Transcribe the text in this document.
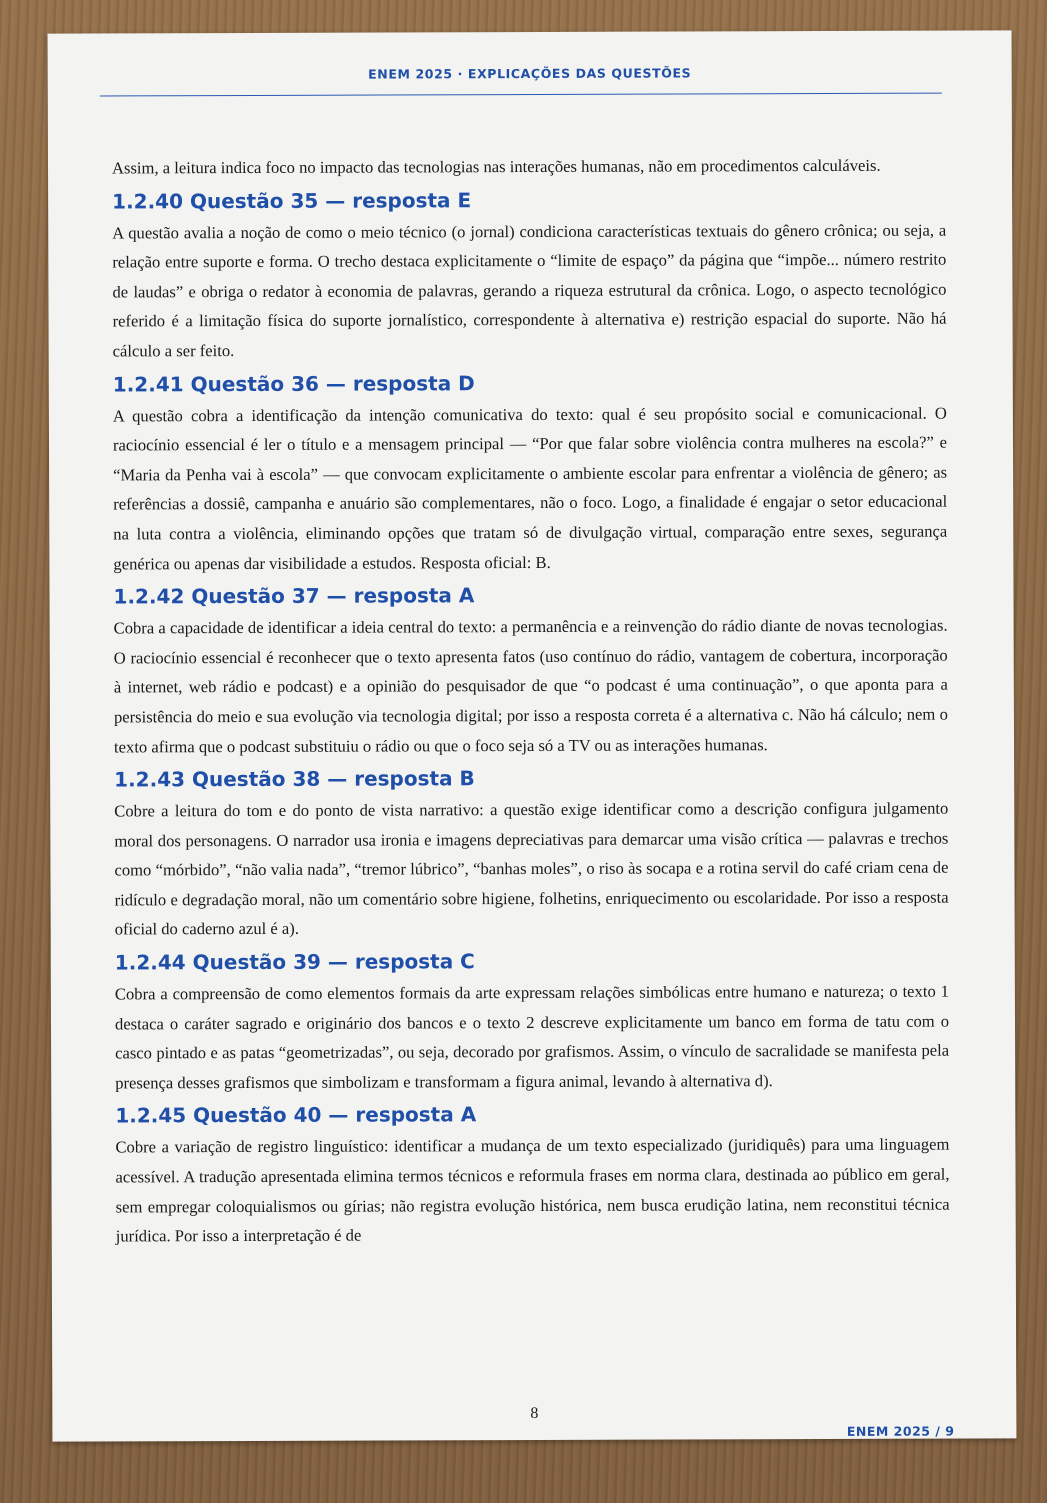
ENEM 2025 · EXPLICAÇÕES DAS QUESTÕES

Assim, a leitura indica foco no impacto das tecnologias nas interações humanas, não em procedimentos calculáveis.

1.2.40 Questão 35 — resposta E

A questão avalia a noção de como o meio técnico (o jornal) condiciona características textuais do gênero crônica; ou seja, a relação entre suporte e forma. O trecho destaca explicitamente o “limite de espaço” da página que “impõe... número restrito de laudas” e obriga o redator à economia de palavras, gerando a riqueza estrutural da crônica. Logo, o aspecto tecnológico referido é a limitação física do suporte jornalístico, correspondente à alternativa e) restrição espacial do suporte. Não há cálculo a ser feito.

1.2.41 Questão 36 — resposta D

A questão cobra a identificação da intenção comunicativa do texto: qual é seu propósito social e comunicacional. O raciocínio essencial é ler o título e a mensagem principal — “Por que falar sobre violência contra mulheres na escola?” e “Maria da Penha vai à escola” — que convocam explicitamente o ambiente escolar para enfrentar a violência de gênero; as referências a dossiê, campanha e anuário são complementares, não o foco. Logo, a finalidade é engajar o setor educacional na luta contra a violência, eliminando opções que tratam só de divulgação virtual, comparação entre sexes, segurança genérica ou apenas dar visibilidade a estudos. Resposta oficial: B.

1.2.42 Questão 37 — resposta A

Cobra a capacidade de identificar a ideia central do texto: a permanência e a reinvenção do rádio diante de novas tecnologias. O raciocínio essencial é reconhecer que o texto apresenta fatos (uso contínuo do rádio, vantagem de cobertura, incorporação à internet, web rádio e podcast) e a opinião do pesquisador de que “o podcast é uma continuação”, o que aponta para a persistência do meio e sua evolução via tecnologia digital; por isso a resposta correta é a alternativa c. Não há cálculo; nem o texto afirma que o podcast substituiu o rádio ou que o foco seja só a TV ou as interações humanas.

1.2.43 Questão 38 — resposta B

Cobre a leitura do tom e do ponto de vista narrativo: a questão exige identificar como a descrição configura julgamento moral dos personagens. O narrador usa ironia e imagens depreciativas para demarcar uma visão crítica — palavras e trechos como “mórbido”, “não valia nada”, “tremor lúbrico”, “banhas moles”, o riso às socapa e a rotina servil do café criam cena de ridículo e degradação moral, não um comentário sobre higiene, folhetins, enriquecimento ou escolaridade. Por isso a resposta oficial do caderno azul é a).

1.2.44 Questão 39 — resposta C

Cobra a compreensão de como elementos formais da arte expressam relações simbólicas entre humano e natureza; o texto 1 destaca o caráter sagrado e originário dos bancos e o texto 2 descreve explicitamente um banco em forma de tatu com o casco pintado e as patas “geometrizadas”, ou seja, decorado por grafismos. Assim, o vínculo de sacralidade se manifesta pela presença desses grafismos que simbolizam e transformam a figura animal, levando à alternativa d).

1.2.45 Questão 40 — resposta A

Cobre a variação de registro linguístico: identificar a mudança de um texto especializado (juridiquês) para uma linguagem acessível. A tradução apresentada elimina termos técnicos e reformula frases em norma clara, destinada ao público em geral, sem empregar coloquialismos ou gírias; não registra evolução histórica, nem busca erudição latina, nem reconstitui técnica jurídica. Por isso a interpretação é de

8
ENEM 2025 / 9
